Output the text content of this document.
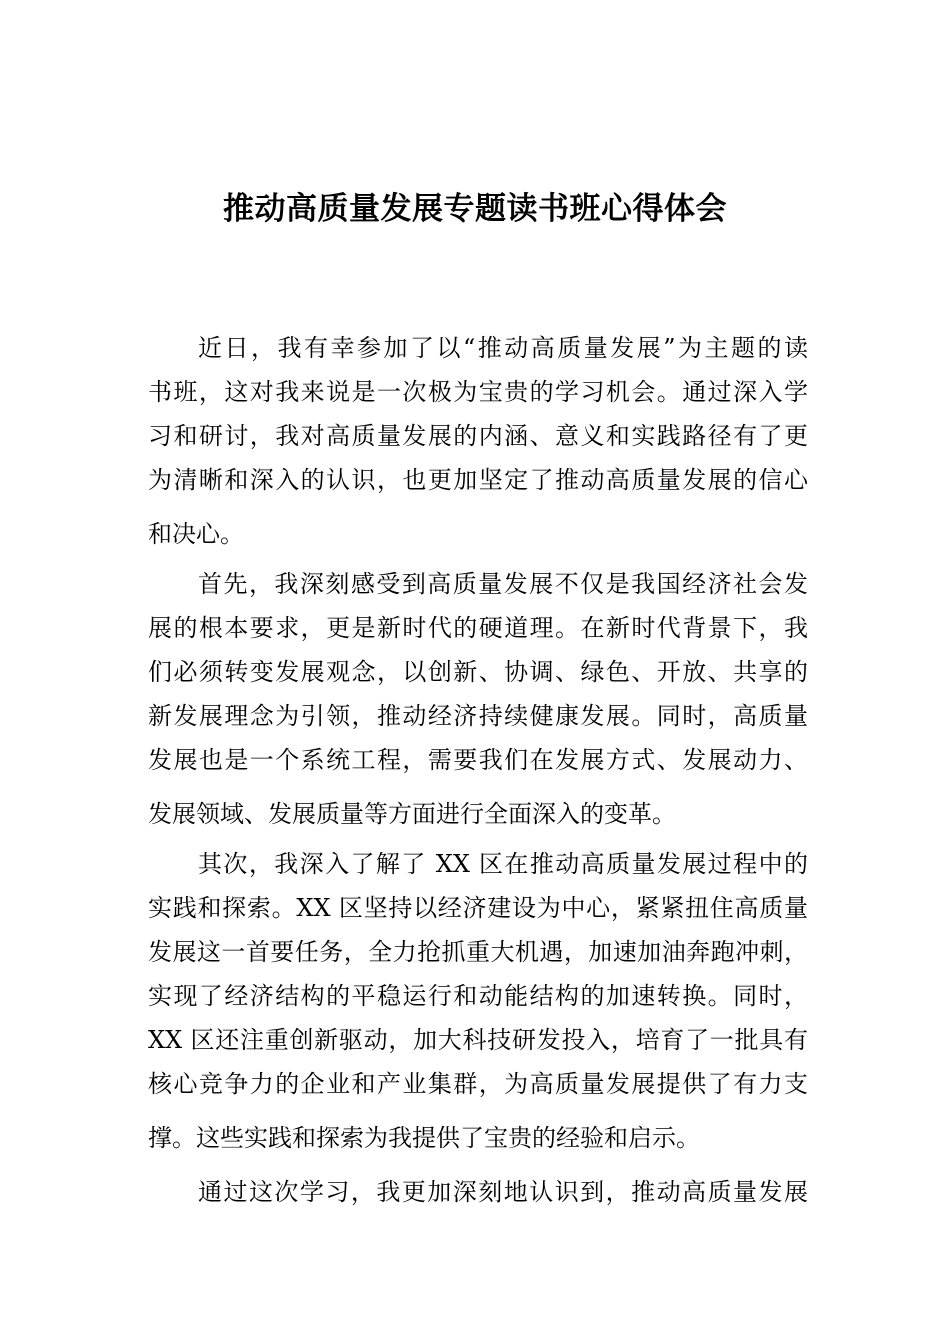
推动高质量发展专题读书班心得体会

近日，我有幸参加了以“推动高质量发展”为主题的读

书班，这对我来说是一次极为宝贵的学习机会。通过深入学

习和研讨，我对高质量发展的内涵、意义和实践路径有了更

为清晰和深入的认识，也更加坚定了推动高质量发展的信心

和决心。

首先，我深刻感受到高质量发展不仅是我国经济社会发

展的根本要求，更是新时代的硬道理。在新时代背景下，我

们必须转变发展观念，以创新、协调、绿色、开放、共享的

新发展理念为引领，推动经济持续健康发展。同时，高质量

发展也是一个系统工程，需要我们在发展方式、发展动力、

发展领域、发展质量等方面进行全面深入的变革。

其次，我深入了解了 XX 区在推动高质量发展过程中的

实践和探索。XX 区坚持以经济建设为中心，紧紧扭住高质量

发展这一首要任务，全力抢抓重大机遇，加速加油奔跑冲刺，

实现了经济结构的平稳运行和动能结构的加速转换。同时，

XX 区还注重创新驱动，加大科技研发投入，培育了一批具有

核心竞争力的企业和产业集群，为高质量发展提供了有力支

撑。这些实践和探索为我提供了宝贵的经验和启示。

通过这次学习，我更加深刻地认识到，推动高质量发展
